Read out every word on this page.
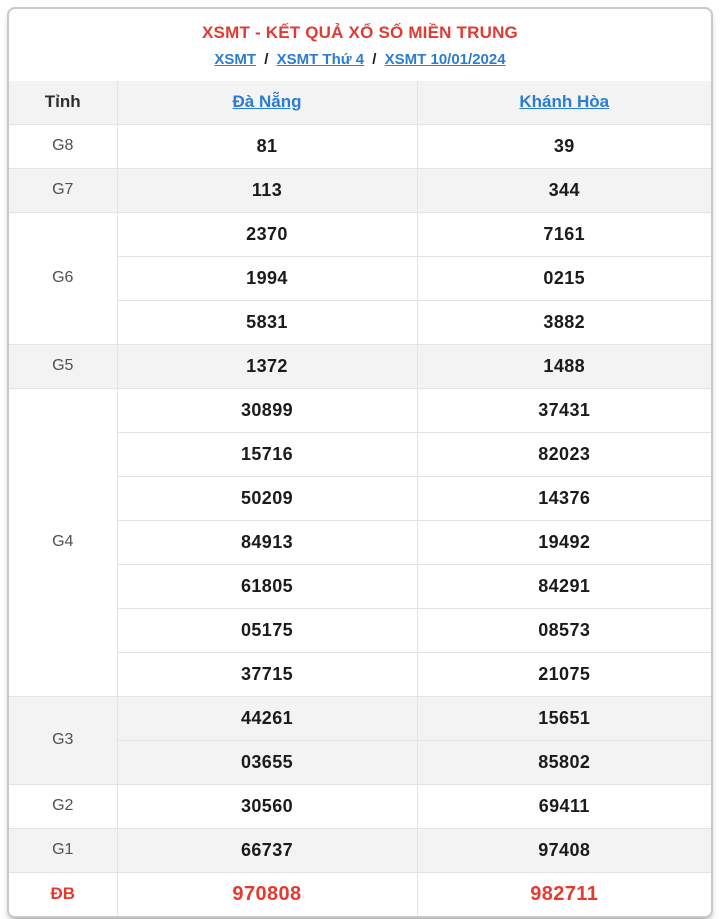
XSMT - KẾT QUẢ XỔ SỐ MIỀN TRUNG
XSMT / XSMT Thứ 4 / XSMT 10/01/2024
Tỉnh	Đà Nẵng	Khánh Hòa
G8	81	39
G7	113	344
G6	2370	7161
	1994	0215
	5831	3882
G5	1372	1488
G4	30899	37431
	15716	82023
	50209	14376
	84913	19492
	61805	84291
	05175	08573
	37715	21075
G3	44261	15651
	03655	85802
G2	30560	69411
G1	66737	97408
ĐB	970808	982711
